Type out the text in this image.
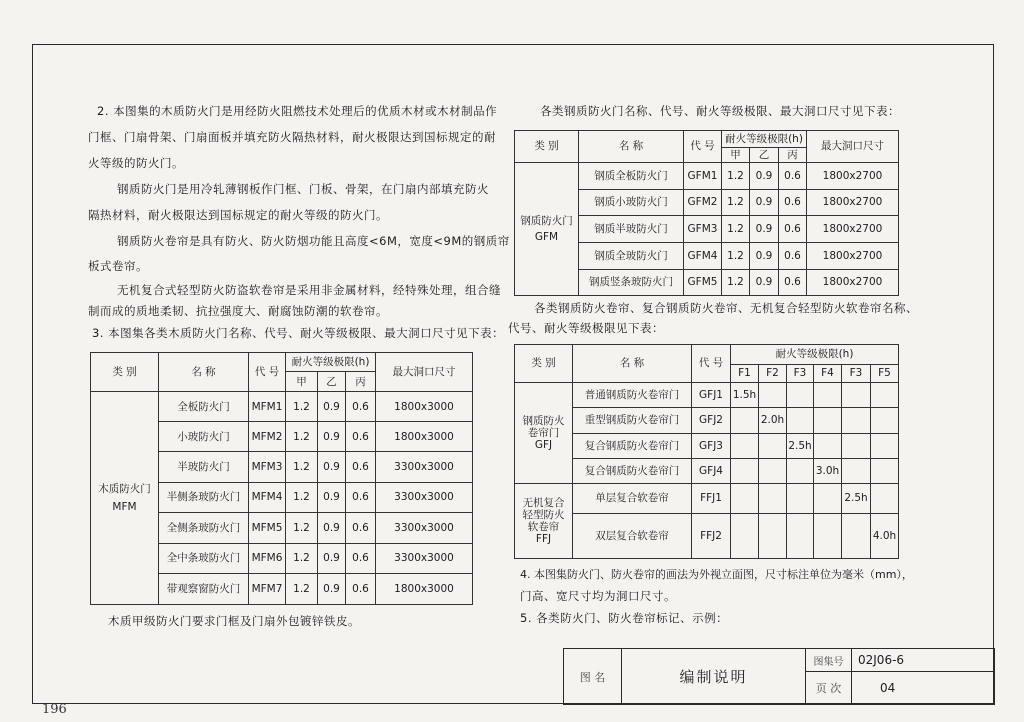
196
2. 本图集的木质防火门是用经防火阻燃技术处理后的优质木材或木材制品作
门框、门扇骨架、门扇面板并填充防火隔热材料，耐火极限达到国标规定的耐
火等级的防火门。
钢质防火门是用冷轧薄钢板作门框、门板、骨架，在门扇内部填充防火
隔热材料，耐火极限达到国标规定的耐火等级的防火门。
钢质防火卷帘是具有防火、防火防烟功能且高度<6M，宽度<9M的钢质帘
板式卷帘。
无机复合式轻型防火防盗软卷帘是采用非金属材料，经特殊处理，组合缝
制而成的质地柔韧、抗拉强度大、耐腐蚀防潮的软卷帘。
3. 本图集各类木质防火门名称、代号、耐火等级极限、最大洞口尺寸见下表：
类 别	名 称	代 号	耐火等级极限(h)			最大洞口尺寸
			甲	乙	丙	

木质防火门
MFM	全板防火门	MFM1	1.2	0.9	0.6	1800x3000
	小玻防火门	MFM2	1.2	0.9	0.6	1800x3000
	半玻防火门	MFM3	1.2	0.9	0.6	3300x3000
	半侧条玻防火门	MFM4	1.2	0.9	0.6	3300x3000
	全侧条玻防火门	MFM5	1.2	0.9	0.6	3300x3000
	全中条玻防火门	MFM6	1.2	0.9	0.6	3300x3000
	带观察窗防火门	MFM7	1.2	0.9	0.6	1800x3000
木质甲级防火门要求门框及门扇外包镀锌铁皮。
各类钢质防火门名称、代号、耐火等级极限、最大洞口尺寸见下表：
类 别	名 称	代 号	耐火等级极限(h)			最大洞口尺寸
			甲	乙	丙	

钢质防火门
GFM	钢质全板防火门	GFM1	1.2	0.9	0.6	1800x2700
	钢质小玻防火门	GFM2	1.2	0.9	0.6	1800x2700
	钢质半玻防火门	GFM3	1.2	0.9	0.6	1800x2700
	钢质全玻防火门	GFM4	1.2	0.9	0.6	1800x2700
	钢质竖条玻防火门	GFM5	1.2	0.9	0.6	1800x2700
各类钢质防火卷帘、复合钢质防火卷帘、无机复合轻型防火软卷帘名称、
代号、耐火等级极限见下表：
类 别	名 称	代 号	耐火等级极限(h)					
			F1	F2	F3	F4	F3	F5

钢质防火
卷帘门
GFJ	普通钢质防火卷帘门	GFJ1	1.5h					
	重型钢质防火卷帘门	GFJ2		2.0h				
	复合钢质防火卷帘门	GFJ3			2.5h			
	复合钢质防火卷帘门	GFJ4				3.0h		

无机复合
轻型防火
软卷帘
FFJ	单层复合软卷帘	FFJ1					2.5h	
	双层复合软卷帘	FFJ2						4.0h
4. 本图集防火门、防火卷帘的画法为外视立面图，尺寸标注单位为毫米（mm），
门高、宽尺寸均为洞口尺寸。
5. 各类防火门、防火卷帘标记、示例：
图 名	编制说明	图集号	02J06-6
		页 次	04
